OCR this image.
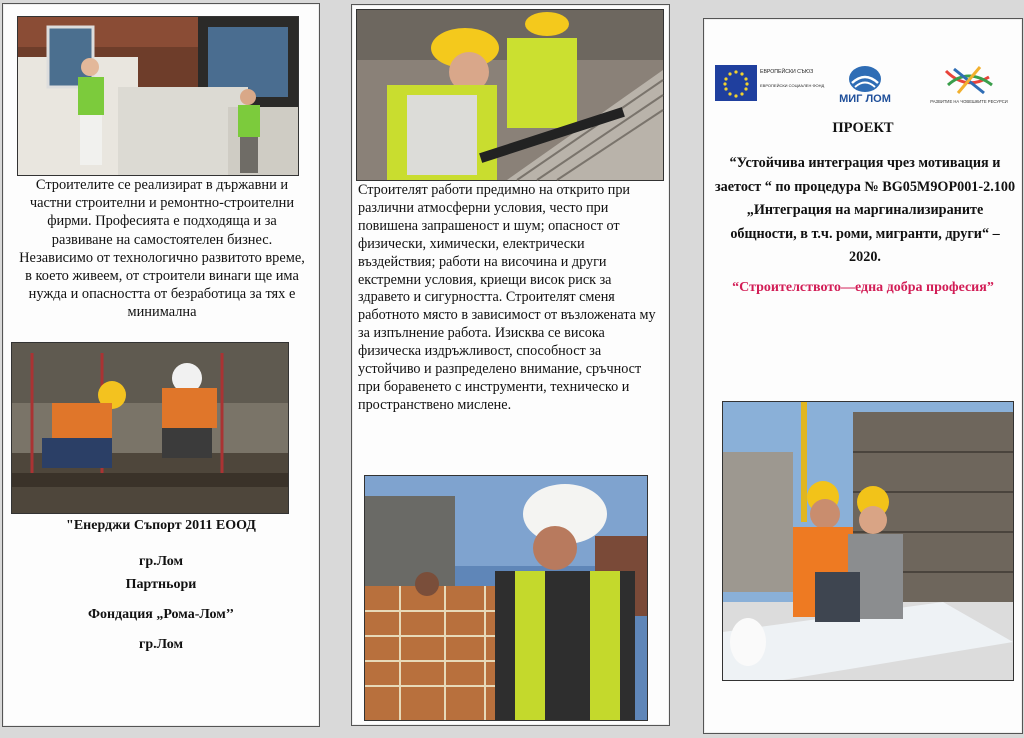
Строителите се реализират в държавни и частни строителни и ремонтно-строителни фирми. Професията е подходяща и за развиване на самостоятелен бизнес. Независимо от технологично развитото време, в което живеем, от строители винаги ще има нужда и опасността от безработица за тях е минимална
"Енерджи Съпорт 2011 ЕООД
гр.Лом
Партньори
Фондация „Рома-Лом’’
гр.Лом
Строителят работи предимно на открито при различни атмосферни условия, често при повишена запрашеност и шум; опасност от физически, химически, електрически въздействия; работи на височина и други екстремни условия, криещи висок риск за здравето и сигурността. Строителят сменя работното място в зависимост от възложената му за изпълнение работа. Изисква се висока физическа издръжливост, способност за устойчиво и разпределено внимание, сръчност при боравенето с инструменти, техническо и пространствено мислене.
ЕВРОПЕЙСКИ СЪЮЗ
ЕВРОПЕЙСКИ СОЦИАЛЕН ФОНД
МИГ ЛОМ	РАЗВИТИЕ НА ЧОВЕШКИТЕ РЕСУРСИ
ПРОЕКТ
“Устойчива интеграция чрез мотивация и заетост “ по процедура № BG05M9OP001-2.100 „Интеграция на маргинализираните общности, в т.ч. роми, мигранти, други“ – 2020.
“Строителството—една добра професия”
